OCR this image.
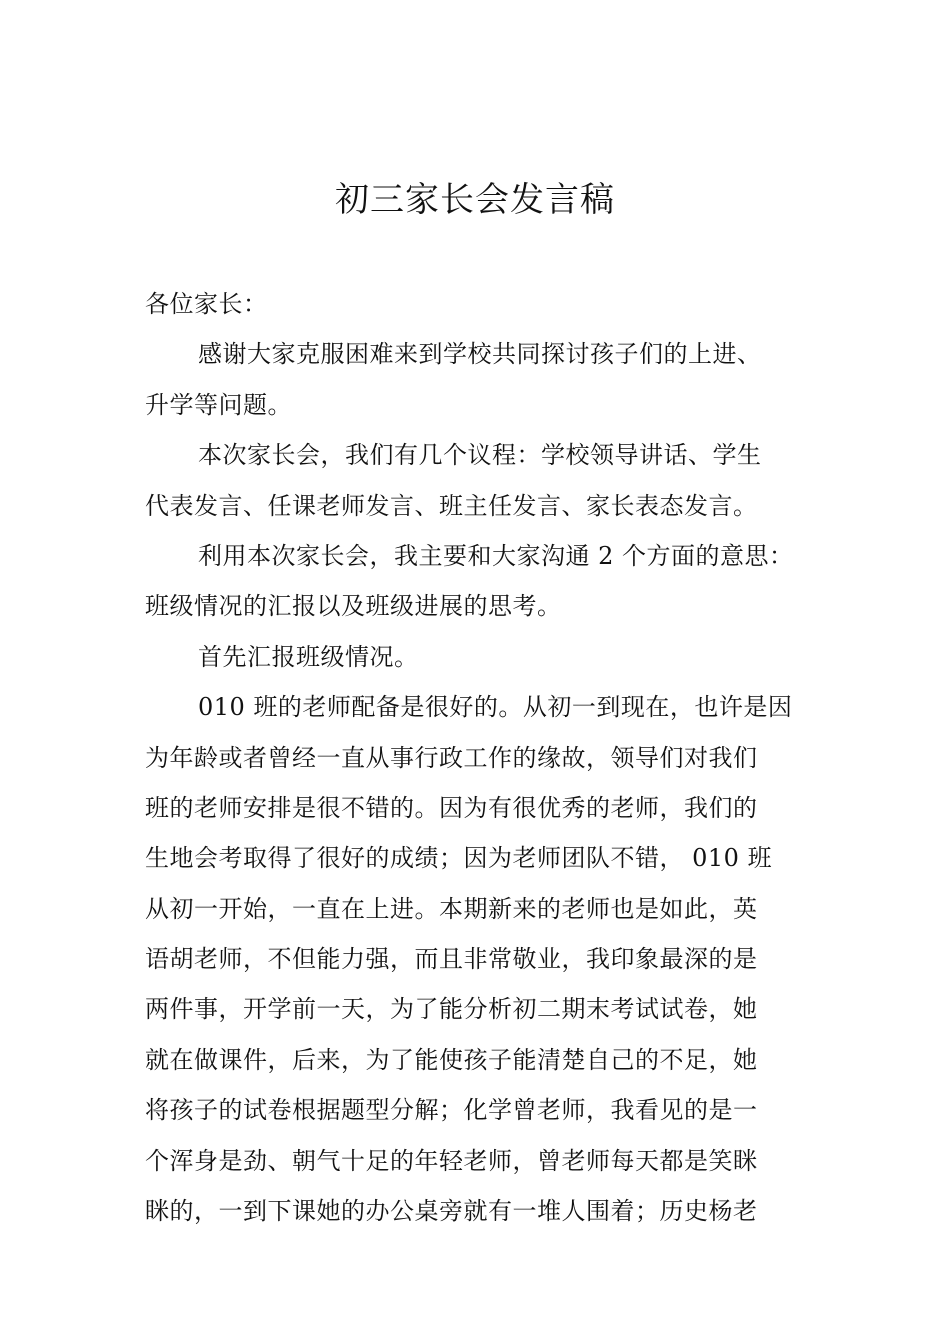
初三家长会发言稿
各位家长：
感谢大家克服困难来到学校共同探讨孩子们的上进、
升学等问题。
本次家长会，我们有几个议程：学校领导讲话、学生
代表发言、任课老师发言、班主任发言、家长表态发言。
利用本次家长会，我主要和大家沟通 2 个方面的意思：
班级情况的汇报以及班级进展的思考。
首先汇报班级情况。
010 班的老师配备是很好的。从初一到现在，也许是因
为年龄或者曾经一直从事行政工作的缘故，领导们对我们
班的老师安排是很不错的。因为有很优秀的老师，我们的
生地会考取得了很好的成绩；因为老师团队不错， 010 班
从初一开始，一直在上进。本期新来的老师也是如此，英
语胡老师，不但能力强，而且非常敬业，我印象最深的是
两件事，开学前一天，为了能分析初二期末考试试卷，她
就在做课件，后来，为了能使孩子能清楚自己的不足，她
将孩子的试卷根据题型分解；化学曾老师，我看见的是一
个浑身是劲、朝气十足的年轻老师，曾老师每天都是笑眯
眯的，一到下课她的办公桌旁就有一堆人围着；历史杨老
